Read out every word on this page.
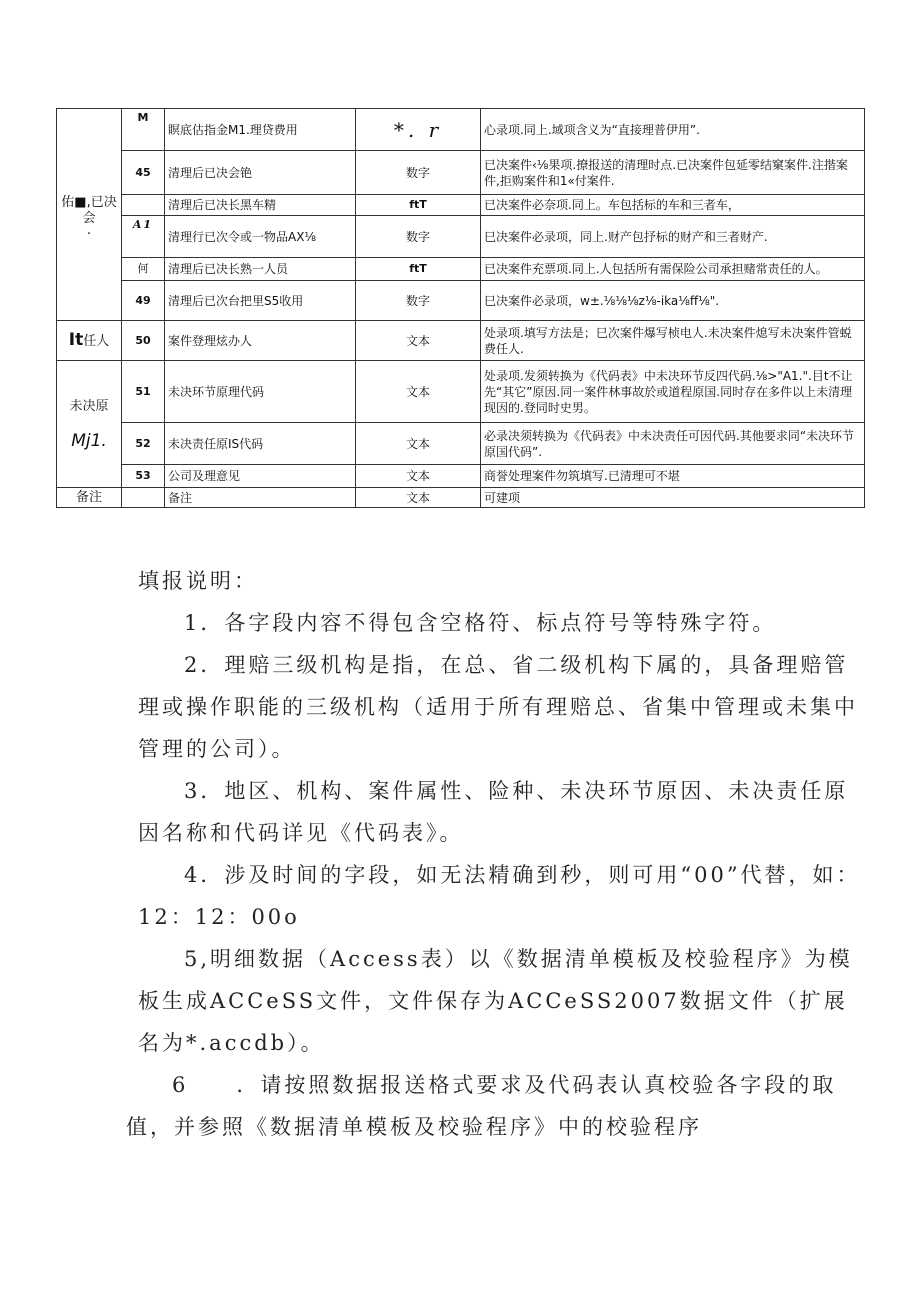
佑■,已决会
.	M	瞑底估指金M1.理贷费用	*. r	心录项.同上.域项含义为“直接理普伊用”.
	45	清理后已决会铯	数字	已决案件‹⅛果项.撩报送的清理时点.已决案件包延零结窠案件.注揩案件,拒购案件和1«付案件.
		清理后已决长黑车精	ftT	已决案件必奈项.同上。车包括标的车和三者车，
	A1	清理行已次令或一物品AX⅛	数字	巳决案件必录项，同上.财产包抒标的财产和三者财产.
	何	清理后已决长熟一人员	ftT	已决案件充票项.同上.人包括所有需保险公司承担赌常责任的人。
	49	清理后已次台把里S5收用	数字	巳决案件必录项，w±.⅛⅛⅛z⅛-ika⅛ff⅛".
It任人	50	案件登理炫办人	文本	处录项.填写方法是；巳次案件爆写桢电人.未决案件熄写未决案件管蜕费任人.
未决原
Mj1.	51	未决环节原理代码	文本	处录项.发须转换为《代码表》中未决环节反四代码.⅛>"A1.".目t不让先“其它”原因.同一案件林事故於或道程原国.同时存在多件以上未清理现因的.登同时史男。
	52	未决责任原IS代码	文本	必录决须转换为《代码表》中未决责任可因代码.其他要求同“未决环节原国代码”.
	53	公司及理意见	文本	商誉处理案件勿筑填写.已清理可不堪
备注		备注	文本	可建项

填报说明：

1．各字段内容不得包含空格符、标点符号等特殊字符。

2．理赔三级机构是指，在总、省二级机构下属的，具备理赔管理或操作职能的三级机构（适用于所有理赔总、省集中管理或未集中管理的公司）。

3．地区、机构、案件属性、险种、未决环节原因、未决责任原因名称和代码详见《代码表》。

4．涉及时间的字段，如无法精确到秒，则可用“00”代替，如：12：12：00o

5,明细数据（Access表）以《数据清单模板及校验程序》为模板生成ACCeSS文件，文件保存为ACCeSS2007数据文件（扩展名为*.accdb）。

6　　．请按照数据报送格式要求及代码表认真校验各字段的取值，并参照《数据清单模板及校验程序》中的校验程序
